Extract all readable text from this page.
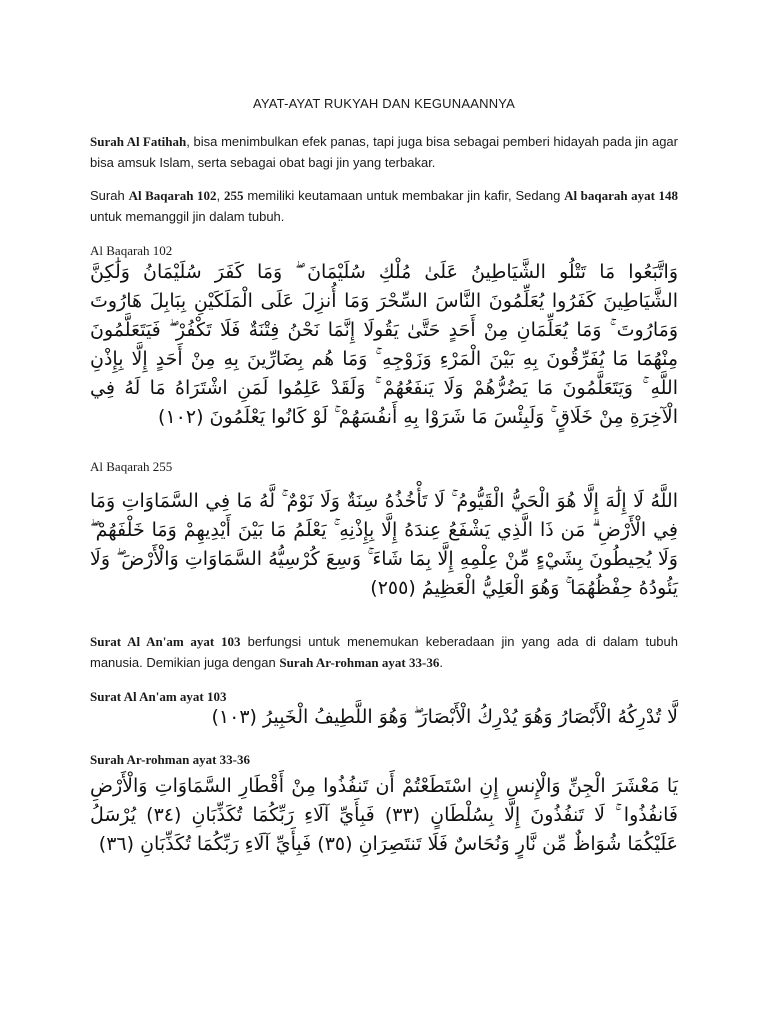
AYAT-AYAT RUKYAH DAN KEGUNAANNYA
Surah Al Fatihah, bisa menimbulkan efek panas, tapi juga bisa sebagai pemberi hidayah pada jin agar bisa amsuk Islam, serta sebagai obat bagi jin yang terbakar.
Surah Al Baqarah 102, 255 memiliki keutamaan untuk membakar jin kafir, Sedang Al baqarah ayat 148 untuk memanggil jin dalam tubuh.
Al Baqarah 102
وَاتَّبَعُوا مَا تَتْلُو الشَّيَاطِينُ عَلَىٰ مُلْكِ سُلَيْمَانَ ۖ وَمَا كَفَرَ سُلَيْمَانُ وَلَٰكِنَّ الشَّيَاطِينَ كَفَرُوا يُعَلِّمُونَ النَّاسَ السِّحْرَ وَمَا أُنزِلَ عَلَى الْمَلَكَيْنِ بِبَابِلَ هَارُوتَ وَمَارُوتَ ۚ وَمَا يُعَلِّمَانِ مِنْ أَحَدٍ حَتَّىٰ يَقُولَا إِنَّمَا نَحْنُ فِتْنَةٌ فَلَا تَكْفُرْ ۖ فَيَتَعَلَّمُونَ مِنْهُمَا مَا يُفَرِّقُونَ بِهِ بَيْنَ الْمَرْءِ وَزَوْجِهِ ۚ وَمَا هُم بِضَارِّينَ بِهِ مِنْ أَحَدٍ إِلَّا بِإِذْنِ اللَّهِ ۚ وَيَتَعَلَّمُونَ مَا يَضُرُّهُمْ وَلَا يَنفَعُهُمْ ۚ وَلَقَدْ عَلِمُوا لَمَنِ اشْتَرَاهُ مَا لَهُ فِي الْآخِرَةِ مِنْ خَلَاقٍ ۚ وَلَبِئْسَ مَا شَرَوْا بِهِ أَنفُسَهُمْ ۚ لَوْ كَانُوا يَعْلَمُونَ (١٠٢)
Al Baqarah 255
اللَّهُ لَا إِلَٰهَ إِلَّا هُوَ الْحَيُّ الْقَيُّومُ ۚ لَا تَأْخُذُهُ سِنَةٌ وَلَا نَوْمٌ ۚ لَّهُ مَا فِي السَّمَاوَاتِ وَمَا فِي الْأَرْضِ ۗ مَن ذَا الَّذِي يَشْفَعُ عِندَهُ إِلَّا بِإِذْنِهِ ۚ يَعْلَمُ مَا بَيْنَ أَيْدِيهِمْ وَمَا خَلْفَهُمْ ۖ وَلَا يُحِيطُونَ بِشَيْءٍ مِّنْ عِلْمِهِ إِلَّا بِمَا شَاءَ ۚ وَسِعَ كُرْسِيُّهُ السَّمَاوَاتِ وَالْأَرْضَ ۖ وَلَا يَئُودُهُ حِفْظُهُمَا ۚ وَهُوَ الْعَلِيُّ الْعَظِيمُ (٢٥٥)
Surat Al An'am ayat 103 berfungsi untuk menemukan keberadaan jin yang ada di dalam tubuh manusia. Demikian juga dengan Surah Ar-rohman ayat 33-36.
Surat Al An'am ayat 103
لَّا تُدْرِكُهُ الْأَبْصَارُ وَهُوَ يُدْرِكُ الْأَبْصَارَ ۖ وَهُوَ اللَّطِيفُ الْخَبِيرُ (١٠٣)
Surah Ar-rohman ayat 33-36
يَا مَعْشَرَ الْجِنِّ وَالْإِنسِ إِنِ اسْتَطَعْتُمْ أَن تَنفُذُوا مِنْ أَقْطَارِ السَّمَاوَاتِ وَالْأَرْضِ فَانفُذُوا ۚ لَا تَنفُذُونَ إِلَّا بِسُلْطَانٍ (٣٣) فَبِأَيِّ آلَاءِ رَبِّكُمَا تُكَذِّبَانِ (٣٤) يُرْسَلُ عَلَيْكُمَا شُوَاظٌ مِّن نَّارٍ وَنُحَاسٌ فَلَا تَنتَصِرَانِ (٣٥) فَبِأَيِّ آلَاءِ رَبِّكُمَا تُكَذِّبَانِ (٣٦)
